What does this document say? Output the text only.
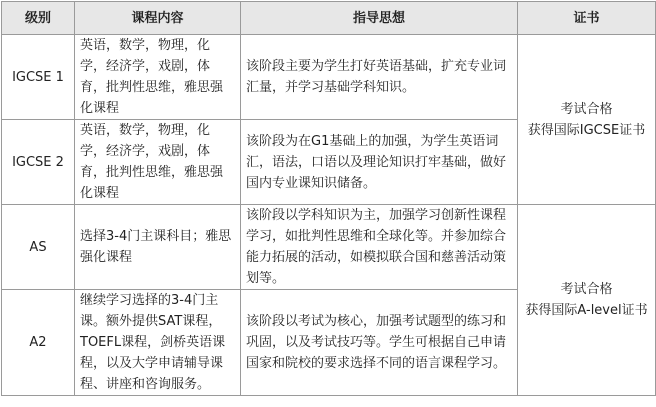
级别	课程内容	指导思想	证书
IGCSE 1	英语，数学，物理，化学，经济学，戏剧，体育，批判性思维，雅思强化课程	该阶段主要为学生打好英语基础，扩充专业词汇量，并学习基础学科知识。	考试合格
获得国际IGCSE证书

IGCSE 2	英语，数学，物理，化学，经济学，戏剧，体育，批判性思维，雅思强化课程	该阶段为在G1基础上的加强，为学生英语词汇，语法，口语以及理论知识打牢基础，做好国内专业课知识储备。	
AS	选择3-4门主课科目；雅思强化课程	该阶段以学科知识为主，加强学习创新性课程学习，如批判性思维和全球化等。并参加综合能力拓展的活动，如模拟联合国和慈善活动策划等。	考试合格
获得国际A-level证书

A2	继续学习选择的3-4门主课。额外提供SAT课程，TOEFL课程，剑桥英语课程，以及大学申请辅导课程、讲座和咨询服务。	该阶段以考试为核心，加强考试题型的练习和巩固，以及考试技巧等。学生可根据自己申请国家和院校的要求选择不同的语言课程学习。	
